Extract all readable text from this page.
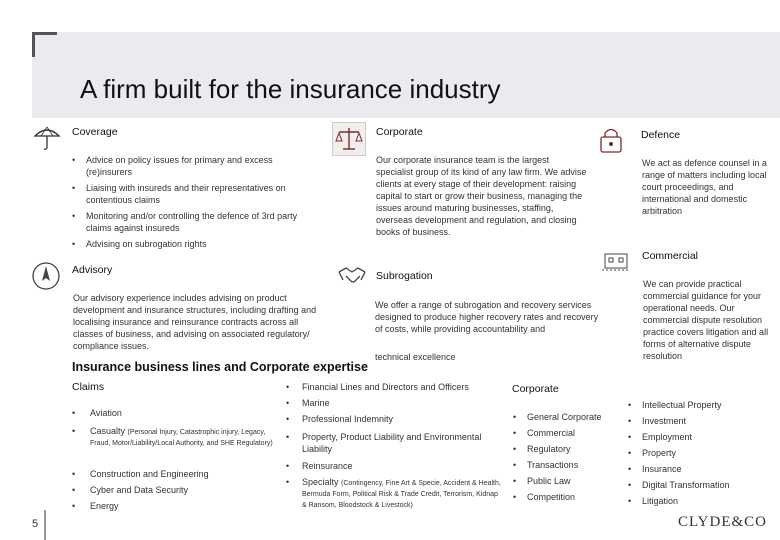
A firm built for the insurance industry
Coverage
• Advice on policy issues for primary and excess (re)insurers
• Liaising with insureds and their representatives on contentious claims
• Monitoring and/or controlling the defence of 3rd party claims against insureds
• Advising on subrogation rights
Corporate
Our corporate insurance team is the largest specialist group of its kind of any law firm. We advise clients at every stage of their development: raising capital to start or grow their business, managing the issues around maturing businesses, staffing, overseas development and regulation, and closing books of business.
Defence
We act as defence counsel in a range of matters including local court proceedings, and international and domestic arbitration
Commercial
We can provide practical commercial guidance for your operational needs. Our commercial dispute resolution practice covers litigation and all forms of alternative dispute resolution
Advisory
Our advisory experience includes advising on product development and insurance structures, including drafting and localising insurance and reinsurance contracts across all classes of business, and advising on associated regulatory/ compliance issues.
Subrogation
We offer a range of subrogation and recovery services designed to produce higher recovery rates and recovery of costs, while providing accountability and
technical excellence
Insurance business lines and Corporate expertise
Claims
• Aviation
• Casualty (Personal Injury, Catastrophic injury, Legacy, Fraud, Motor/Liability/Local Authority, and SHE Regulatory)
• Construction and Engineering
• Cyber and Data Security
• Energy
• Financial Lines and Directors and Officers
• Marine
• Professional Indemnity
• Property, Product Liability and Environmental Liability
• Reinsurance
• Specialty (Contingency, Fine Art & Specie, Accident & Health, Bermuda Form, Political Risk & Trade Credit, Terrorism, Kidnap & Ransom, Bloodstock & Livestock)
Corporate
• General Corporate
• Commercial
• Regulatory
• Transactions
• Public Law
• Competition
• Intellectual Property
• Investment
• Employment
• Property
• Insurance
• Digital Transformation
• Litigation
5	CLYDE&CO
